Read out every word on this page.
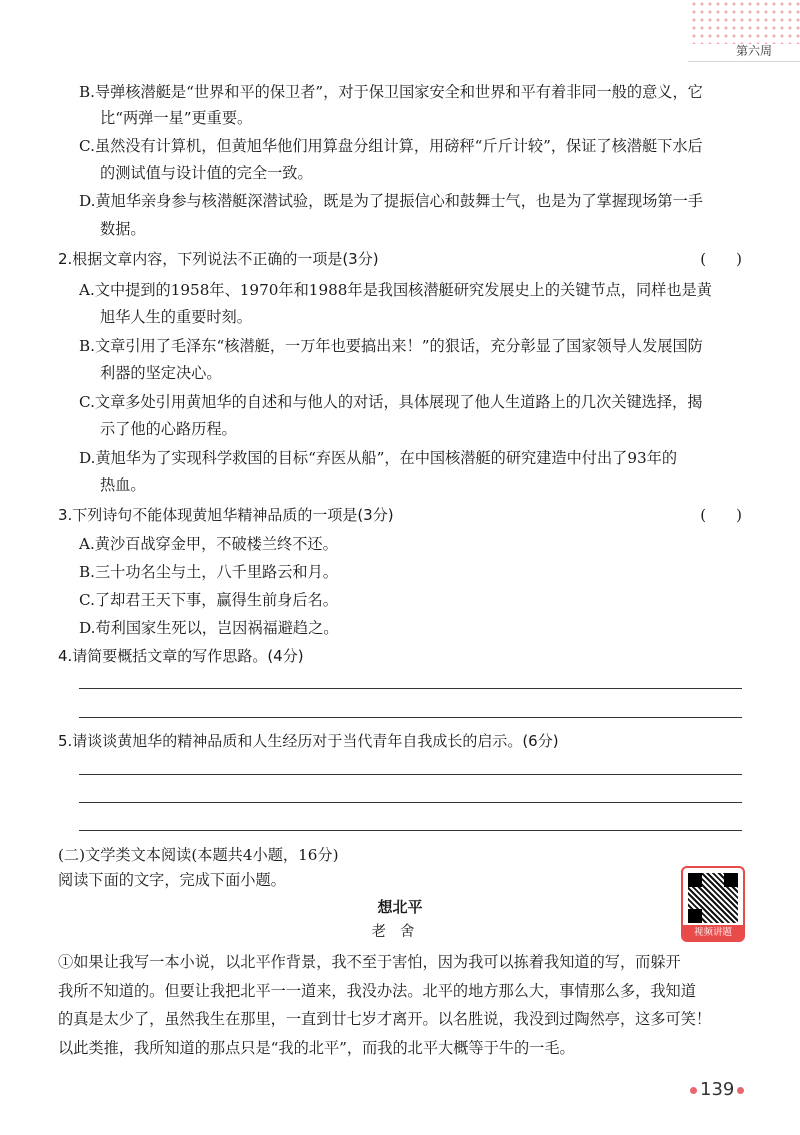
第六周
B.导弹核潜艇是“世界和平的保卫者”，对于保卫国家安全和世界和平有着非同一般的意义，它
比“两弹一星”更重要。
C.虽然没有计算机，但黄旭华他们用算盘分组计算，用磅秤“斤斤计较”，保证了核潜艇下水后
的测试值与设计值的完全一致。
D.黄旭华亲身参与核潜艇深潜试验，既是为了提振信心和鼓舞士气，也是为了掌握现场第一手
数据。
2.根据文章内容，下列说法不正确的一项是(3分)	(　　)
A.文中提到的1958年、1970年和1988年是我国核潜艇研究发展史上的关键节点，同样也是黄
旭华人生的重要时刻。
B.文章引用了毛泽东“核潜艇，一万年也要搞出来！”的狠话，充分彰显了国家领导人发展国防
利器的坚定决心。
C.文章多处引用黄旭华的自述和与他人的对话，具体展现了他人生道路上的几次关键选择，揭
示了他的心路历程。
D.黄旭华为了实现科学救国的目标“弃医从船”，在中国核潜艇的研究建造中付出了93年的
热血。
3.下列诗句不能体现黄旭华精神品质的一项是(3分)	(　　)
A.黄沙百战穿金甲，不破楼兰终不还。
B.三十功名尘与土，八千里路云和月。
C.了却君王天下事，赢得生前身后名。
D.苟利国家生死以，岂因祸福避趋之。
4.请简要概括文章的写作思路。(4分)
5.请谈谈黄旭华的精神品质和人生经历对于当代青年自我成长的启示。(6分)
(二)文学类文本阅读(本题共4小题，16分)
阅读下面的文字，完成下面小题。
视频讲题
想北平
老舍
①如果让我写一本小说，以北平作背景，我不至于害怕，因为我可以拣着我知道的写，而躲开
我所不知道的。但要让我把北平一一道来，我没办法。北平的地方那么大，事情那么多，我知道
的真是太少了，虽然我生在那里，一直到廿七岁才离开。以名胜说，我没到过陶然亭，这多可笑！
以此类推，我所知道的那点只是“我的北平”，而我的北平大概等于牛的一毛。
139
